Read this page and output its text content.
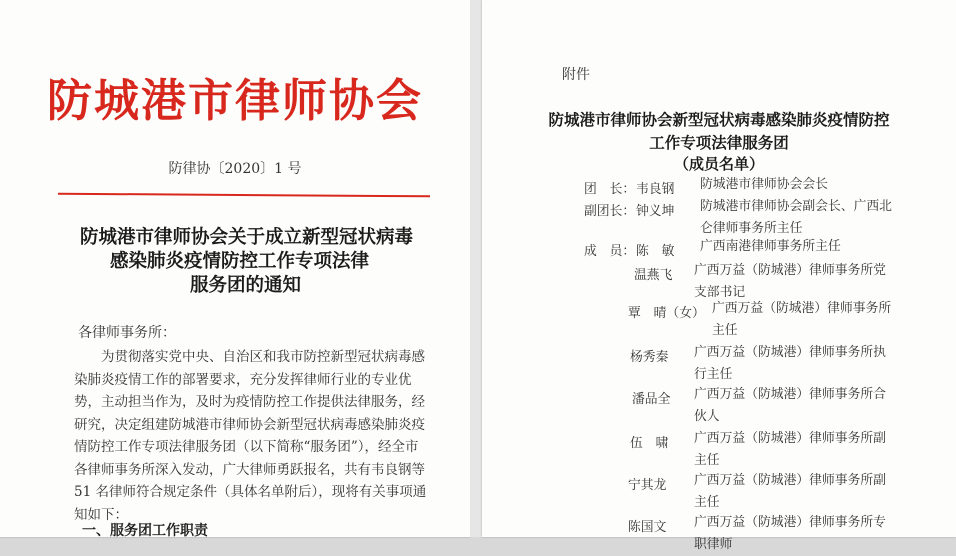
防城港市律师协会
防律协〔2020〕1 号
防城港市律师协会关于成立新型冠状病毒
感染肺炎疫情防控工作专项法律
服务团的通知
各律师事务所：
　　为贯彻落实党中央、自治区和我市防控新型冠状病毒感
染肺炎疫情工作的部署要求，充分发挥律师行业的专业优
势，主动担当作为，及时为疫情防控工作提供法律服务，经
研究，决定组建防城港市律师协会新型冠状病毒感染肺炎疫
情防控工作专项法律服务团（以下简称“服务团”），经全市
各律师事务所深入发动，广大律师勇跃报名，共有韦良钢等
51 名律师符合规定条件（具体名单附后），现将有关事项通
知如下：
一、服务团工作职责
附件
防城港市律师协会新型冠状病毒感染肺炎疫情防控
工作专项法律服务团
（成员名单）
团　长： 韦良钢 防城港市律师协会会长
副团长： 钟义坤 防城港市律师协会副会长、广西北
仑律师事务所主任
成　员： 陈　敏 广西南港律师事务所主任
温燕飞 广西万益（防城港）律师事务所党
支部书记
覃　晴（女） 广西万益（防城港）律师事务所
主任
杨秀秦 广西万益（防城港）律师事务所执
行主任
潘品全 广西万益（防城港）律师事务所合
伙人
伍　啸 广西万益（防城港）律师事务所副
主任
宁其龙 广西万益（防城港）律师事务所副
主任
陈国文 广西万益（防城港）律师事务所专
职律师
